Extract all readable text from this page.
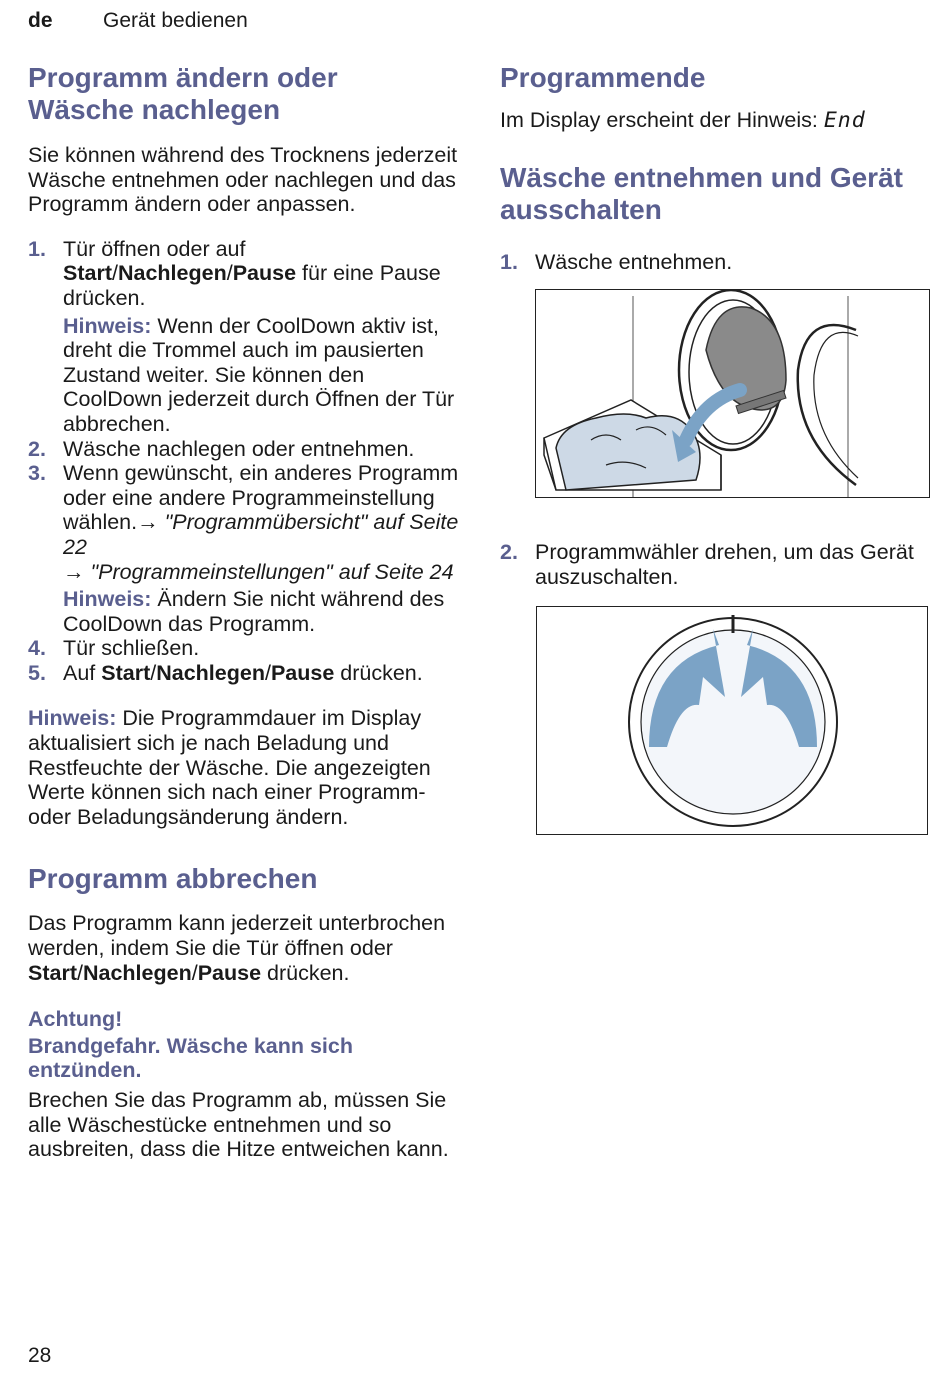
de Gerät bedienen
Programm ändern oder
Wäsche nachlegen

Sie können während des Trocknens jederzeit Wäsche entnehmen oder nachlegen und das Programm ändern oder anpassen.

1. Tür öffnen oder auf Start/Nachlegen/Pause für eine Pause drücken.
Hinweis: Wenn der CoolDown aktiv ist, dreht die Trommel auch im pausierten Zustand weiter. Sie können den CoolDown jederzeit durch Öffnen der Tür abbrechen.
2. Wäsche nachlegen oder entnehmen.
3. Wenn gewünscht, ein anderes Programm oder eine andere Programmeinstellung wählen.→ "Programmübersicht" auf Seite 22
→ "Programmeinstellungen" auf Seite 24
Hinweis: Ändern Sie nicht während des CoolDown das Programm.
4. Tür schließen.
5. Auf Start/Nachlegen/Pause drücken.
Hinweis: Die Programmdauer im Display aktualisiert sich je nach Beladung und Restfeuchte der Wäsche. Die angezeigten Werte können sich nach einer Programm- oder Beladungsänderung ändern.
Programm abbrechen
Das Programm kann jederzeit unterbrochen werden, indem Sie die Tür öffnen oder Start/Nachlegen/Pause drücken.
Achtung!
Brandgefahr. Wäsche kann sich entzünden.

Brechen Sie das Programm ab, müssen Sie alle Wäschestücke entnehmen und so ausbreiten, dass die Hitze entweichen kann.

Programmende

Im Display erscheint der Hinweis: End

Wäsche entnehmen und Gerät
ausschalten
1. Wäsche entnehmen.
2. Programmwähler drehen, um das Gerät auszuschalten.
28
